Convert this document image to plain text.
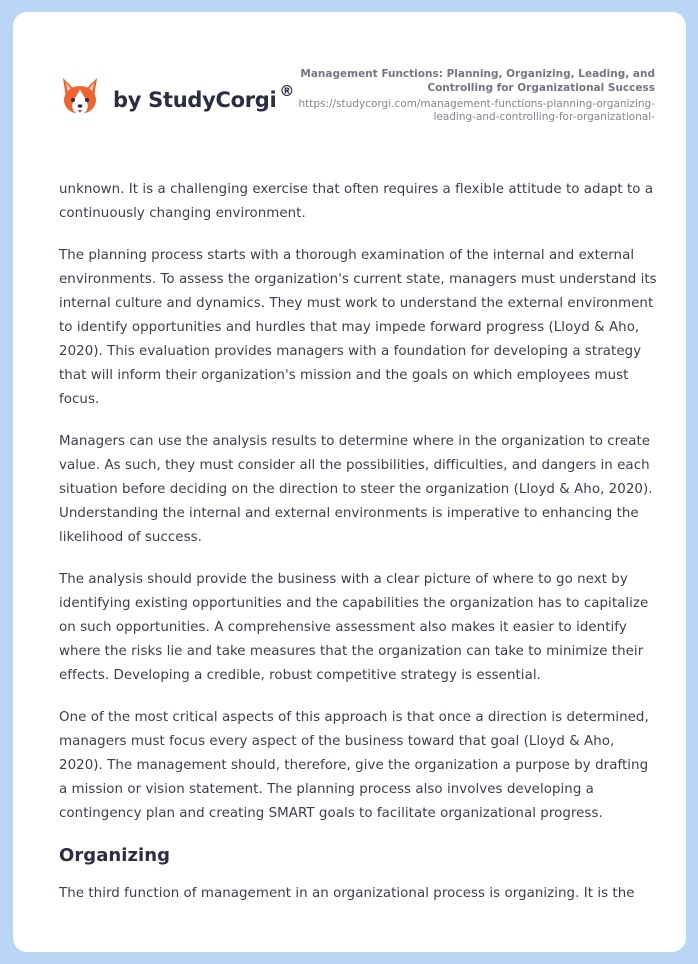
by StudyCorgi ®
Management Functions: Planning, Organizing, Leading, and Controlling for Organizational Success
https://studycorgi.com/management-functions-planning-organizing-leading-and-controlling-for-organizational-

unknown. It is a challenging exercise that often requires a flexible attitude to adapt to a continuously changing environment.

The planning process starts with a thorough examination of the internal and external environments. To assess the organization's current state, managers must understand its internal culture and dynamics. They must work to understand the external environment to identify opportunities and hurdles that may impede forward progress (Lloyd & Aho, 2020). This evaluation provides managers with a foundation for developing a strategy that will inform their organization's mission and the goals on which employees must focus.

Managers can use the analysis results to determine where in the organization to create value. As such, they must consider all the possibilities, difficulties, and dangers in each situation before deciding on the direction to steer the organization (Lloyd & Aho, 2020). Understanding the internal and external environments is imperative to enhancing the likelihood of success.

The analysis should provide the business with a clear picture of where to go next by identifying existing opportunities and the capabilities the organization has to capitalize on such opportunities. A comprehensive assessment also makes it easier to identify where the risks lie and take measures that the organization can take to minimize their effects. Developing a credible, robust competitive strategy is essential.

One of the most critical aspects of this approach is that once a direction is determined, managers must focus every aspect of the business toward that goal (Lloyd & Aho, 2020). The management should, therefore, give the organization a purpose by drafting a mission or vision statement. The planning process also involves developing a contingency plan and creating SMART goals to facilitate organizational progress.

Organizing

The third function of management in an organizational process is organizing. It is the
